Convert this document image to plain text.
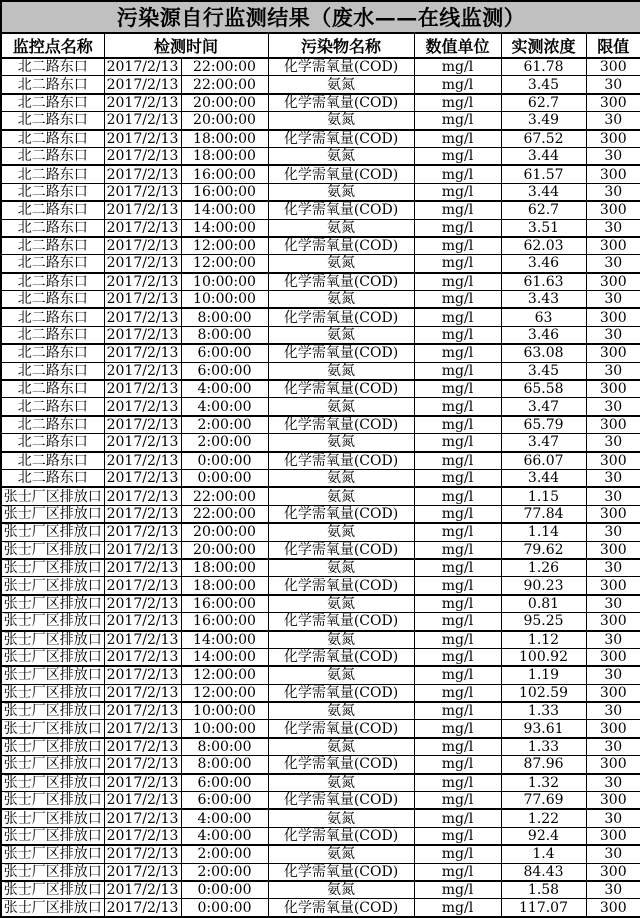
污染源自行监测结果（废水——在线监测）						
监控点名称	检测时间		污染物名称	数值单位	实测浓度	限值
北二路东口	2017/2/13	22:00:00	化学需氧量(COD)	mg/l	61.78	300
北二路东口	2017/2/13	22:00:00	氨氮	mg/l	3.45	30
北二路东口	2017/2/13	20:00:00	化学需氧量(COD)	mg/l	62.7	300
北二路东口	2017/2/13	20:00:00	氨氮	mg/l	3.49	30
北二路东口	2017/2/13	18:00:00	化学需氧量(COD)	mg/l	67.52	300
北二路东口	2017/2/13	18:00:00	氨氮	mg/l	3.44	30
北二路东口	2017/2/13	16:00:00	化学需氧量(COD)	mg/l	61.57	300
北二路东口	2017/2/13	16:00:00	氨氮	mg/l	3.44	30
北二路东口	2017/2/13	14:00:00	化学需氧量(COD)	mg/l	62.7	300
北二路东口	2017/2/13	14:00:00	氨氮	mg/l	3.51	30
北二路东口	2017/2/13	12:00:00	化学需氧量(COD)	mg/l	62.03	300
北二路东口	2017/2/13	12:00:00	氨氮	mg/l	3.46	30
北二路东口	2017/2/13	10:00:00	化学需氧量(COD)	mg/l	61.63	300
北二路东口	2017/2/13	10:00:00	氨氮	mg/l	3.43	30
北二路东口	2017/2/13	8:00:00	化学需氧量(COD)	mg/l	63	300
北二路东口	2017/2/13	8:00:00	氨氮	mg/l	3.46	30
北二路东口	2017/2/13	6:00:00	化学需氧量(COD)	mg/l	63.08	300
北二路东口	2017/2/13	6:00:00	氨氮	mg/l	3.45	30
北二路东口	2017/2/13	4:00:00	化学需氧量(COD)	mg/l	65.58	300
北二路东口	2017/2/13	4:00:00	氨氮	mg/l	3.47	30
北二路东口	2017/2/13	2:00:00	化学需氧量(COD)	mg/l	65.79	300
北二路东口	2017/2/13	2:00:00	氨氮	mg/l	3.47	30
北二路东口	2017/2/13	0:00:00	化学需氧量(COD)	mg/l	66.07	300
北二路东口	2017/2/13	0:00:00	氨氮	mg/l	3.44	30
张士厂区排放口	2017/2/13	22:00:00	氨氮	mg/l	1.15	30
张士厂区排放口	2017/2/13	22:00:00	化学需氧量(COD)	mg/l	77.84	300
张士厂区排放口	2017/2/13	20:00:00	氨氮	mg/l	1.14	30
张士厂区排放口	2017/2/13	20:00:00	化学需氧量(COD)	mg/l	79.62	300
张士厂区排放口	2017/2/13	18:00:00	氨氮	mg/l	1.26	30
张士厂区排放口	2017/2/13	18:00:00	化学需氧量(COD)	mg/l	90.23	300
张士厂区排放口	2017/2/13	16:00:00	氨氮	mg/l	0.81	30
张士厂区排放口	2017/2/13	16:00:00	化学需氧量(COD)	mg/l	95.25	300
张士厂区排放口	2017/2/13	14:00:00	氨氮	mg/l	1.12	30
张士厂区排放口	2017/2/13	14:00:00	化学需氧量(COD)	mg/l	100.92	300
张士厂区排放口	2017/2/13	12:00:00	氨氮	mg/l	1.19	30
张士厂区排放口	2017/2/13	12:00:00	化学需氧量(COD)	mg/l	102.59	300
张士厂区排放口	2017/2/13	10:00:00	氨氮	mg/l	1.33	30
张士厂区排放口	2017/2/13	10:00:00	化学需氧量(COD)	mg/l	93.61	300
张士厂区排放口	2017/2/13	8:00:00	氨氮	mg/l	1.33	30
张士厂区排放口	2017/2/13	8:00:00	化学需氧量(COD)	mg/l	87.96	300
张士厂区排放口	2017/2/13	6:00:00	氨氮	mg/l	1.32	30
张士厂区排放口	2017/2/13	6:00:00	化学需氧量(COD)	mg/l	77.69	300
张士厂区排放口	2017/2/13	4:00:00	氨氮	mg/l	1.22	30
张士厂区排放口	2017/2/13	4:00:00	化学需氧量(COD)	mg/l	92.4	300
张士厂区排放口	2017/2/13	2:00:00	氨氮	mg/l	1.4	30
张士厂区排放口	2017/2/13	2:00:00	化学需氧量(COD)	mg/l	84.43	300
张士厂区排放口	2017/2/13	0:00:00	氨氮	mg/l	1.58	30
张士厂区排放口	2017/2/13	0:00:00	化学需氧量(COD)	mg/l	117.07	300
